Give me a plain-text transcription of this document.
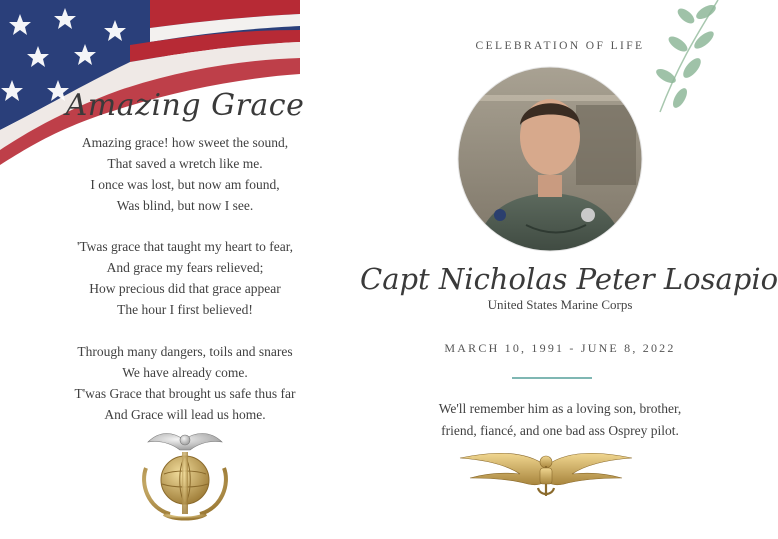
Amazing Grace
Amazing grace! how sweet the sound,
That saved a wretch like me.
I once was lost, but now am found,
Was blind, but now I see.
'Twas grace that taught my heart to fear,
And grace my fears relieved;
How precious did that grace appear
The hour I first believed!
Through many dangers, toils and snares
We have already come.
T'was Grace that brought us safe thus far
And Grace will lead us home.
CELEBRATION OF LIFE
Capt Nicholas Peter Losapio
United States Marine Corps
MARCH 10, 1991 - JUNE 8, 2022
We'll remember him as a loving son, brother,
friend, fiancé, and one bad ass Osprey pilot.
